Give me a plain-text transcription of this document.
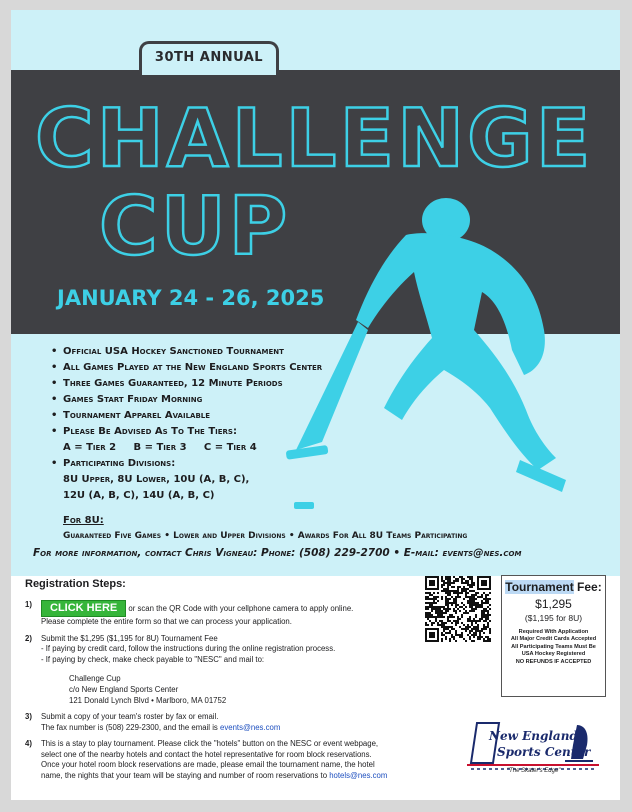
30TH ANNUAL
CHALLENGE
CUP
JANUARY 24 - 26, 2025
• Official USA Hockey Sanctioned Tournament
• All Games Played at the New England Sports Center
• Three Games Guaranteed, 12 Minute Periods
• Games Start Friday Morning
• Tournament Apparel Available
• Please Be Advised As To The Tiers:
A = Tier 2     B = Tier 3     C = Tier 4
• Participating Divisions:
8U Upper, 8U Lower, 10U (A, B, C),
12U (A, B, C), 14U (A, B, C)
For 8U:
Guaranteed Five Games • Lower and Upper Divisions • Awards For All 8U Teams Participating
For more information, contact Chris Vigneau: Phone: (508) 229-2700 • E-mail: events@nes.com
Registration Steps:
1) CLICK HERE or scan the QR Code with your cellphone camera to apply online.
Please complete the entire form so that we can process your application.
2) Submit the $1,295 ($1,195 for 8U) Tournament Fee
- If paying by credit card, follow the instructions during the online registration process.
- If paying by check, make check payable to "NESC" and mail to:
Challenge Cup
c/o New England Sports Center
121 Donald Lynch Blvd • Marlboro, MA 01752
3) Submit a copy of your team's roster by fax or email.
The fax number is (508) 229-2300, and the email is events@nes.com
4) This is a stay to play tournament. Please click the "hotels" button on the NESC or event webpage,
select one of the nearby hotels and contact the hotel representative for room block reservations.
Once your hotel room block reservations are made, please email the tournament name, the hotel
name, the nights that your team will be staying and number of room reservations to hotels@nes.com
Tournament Fee:
$1,295
($1,195 for 8U)
Required With Application
All Major Credit Cards Accepted
All Participating Teams Must Be
USA Hockey Registered
NO REFUNDS IF ACCEPTED
New England
Sports Center
"The Skater's Edge"
